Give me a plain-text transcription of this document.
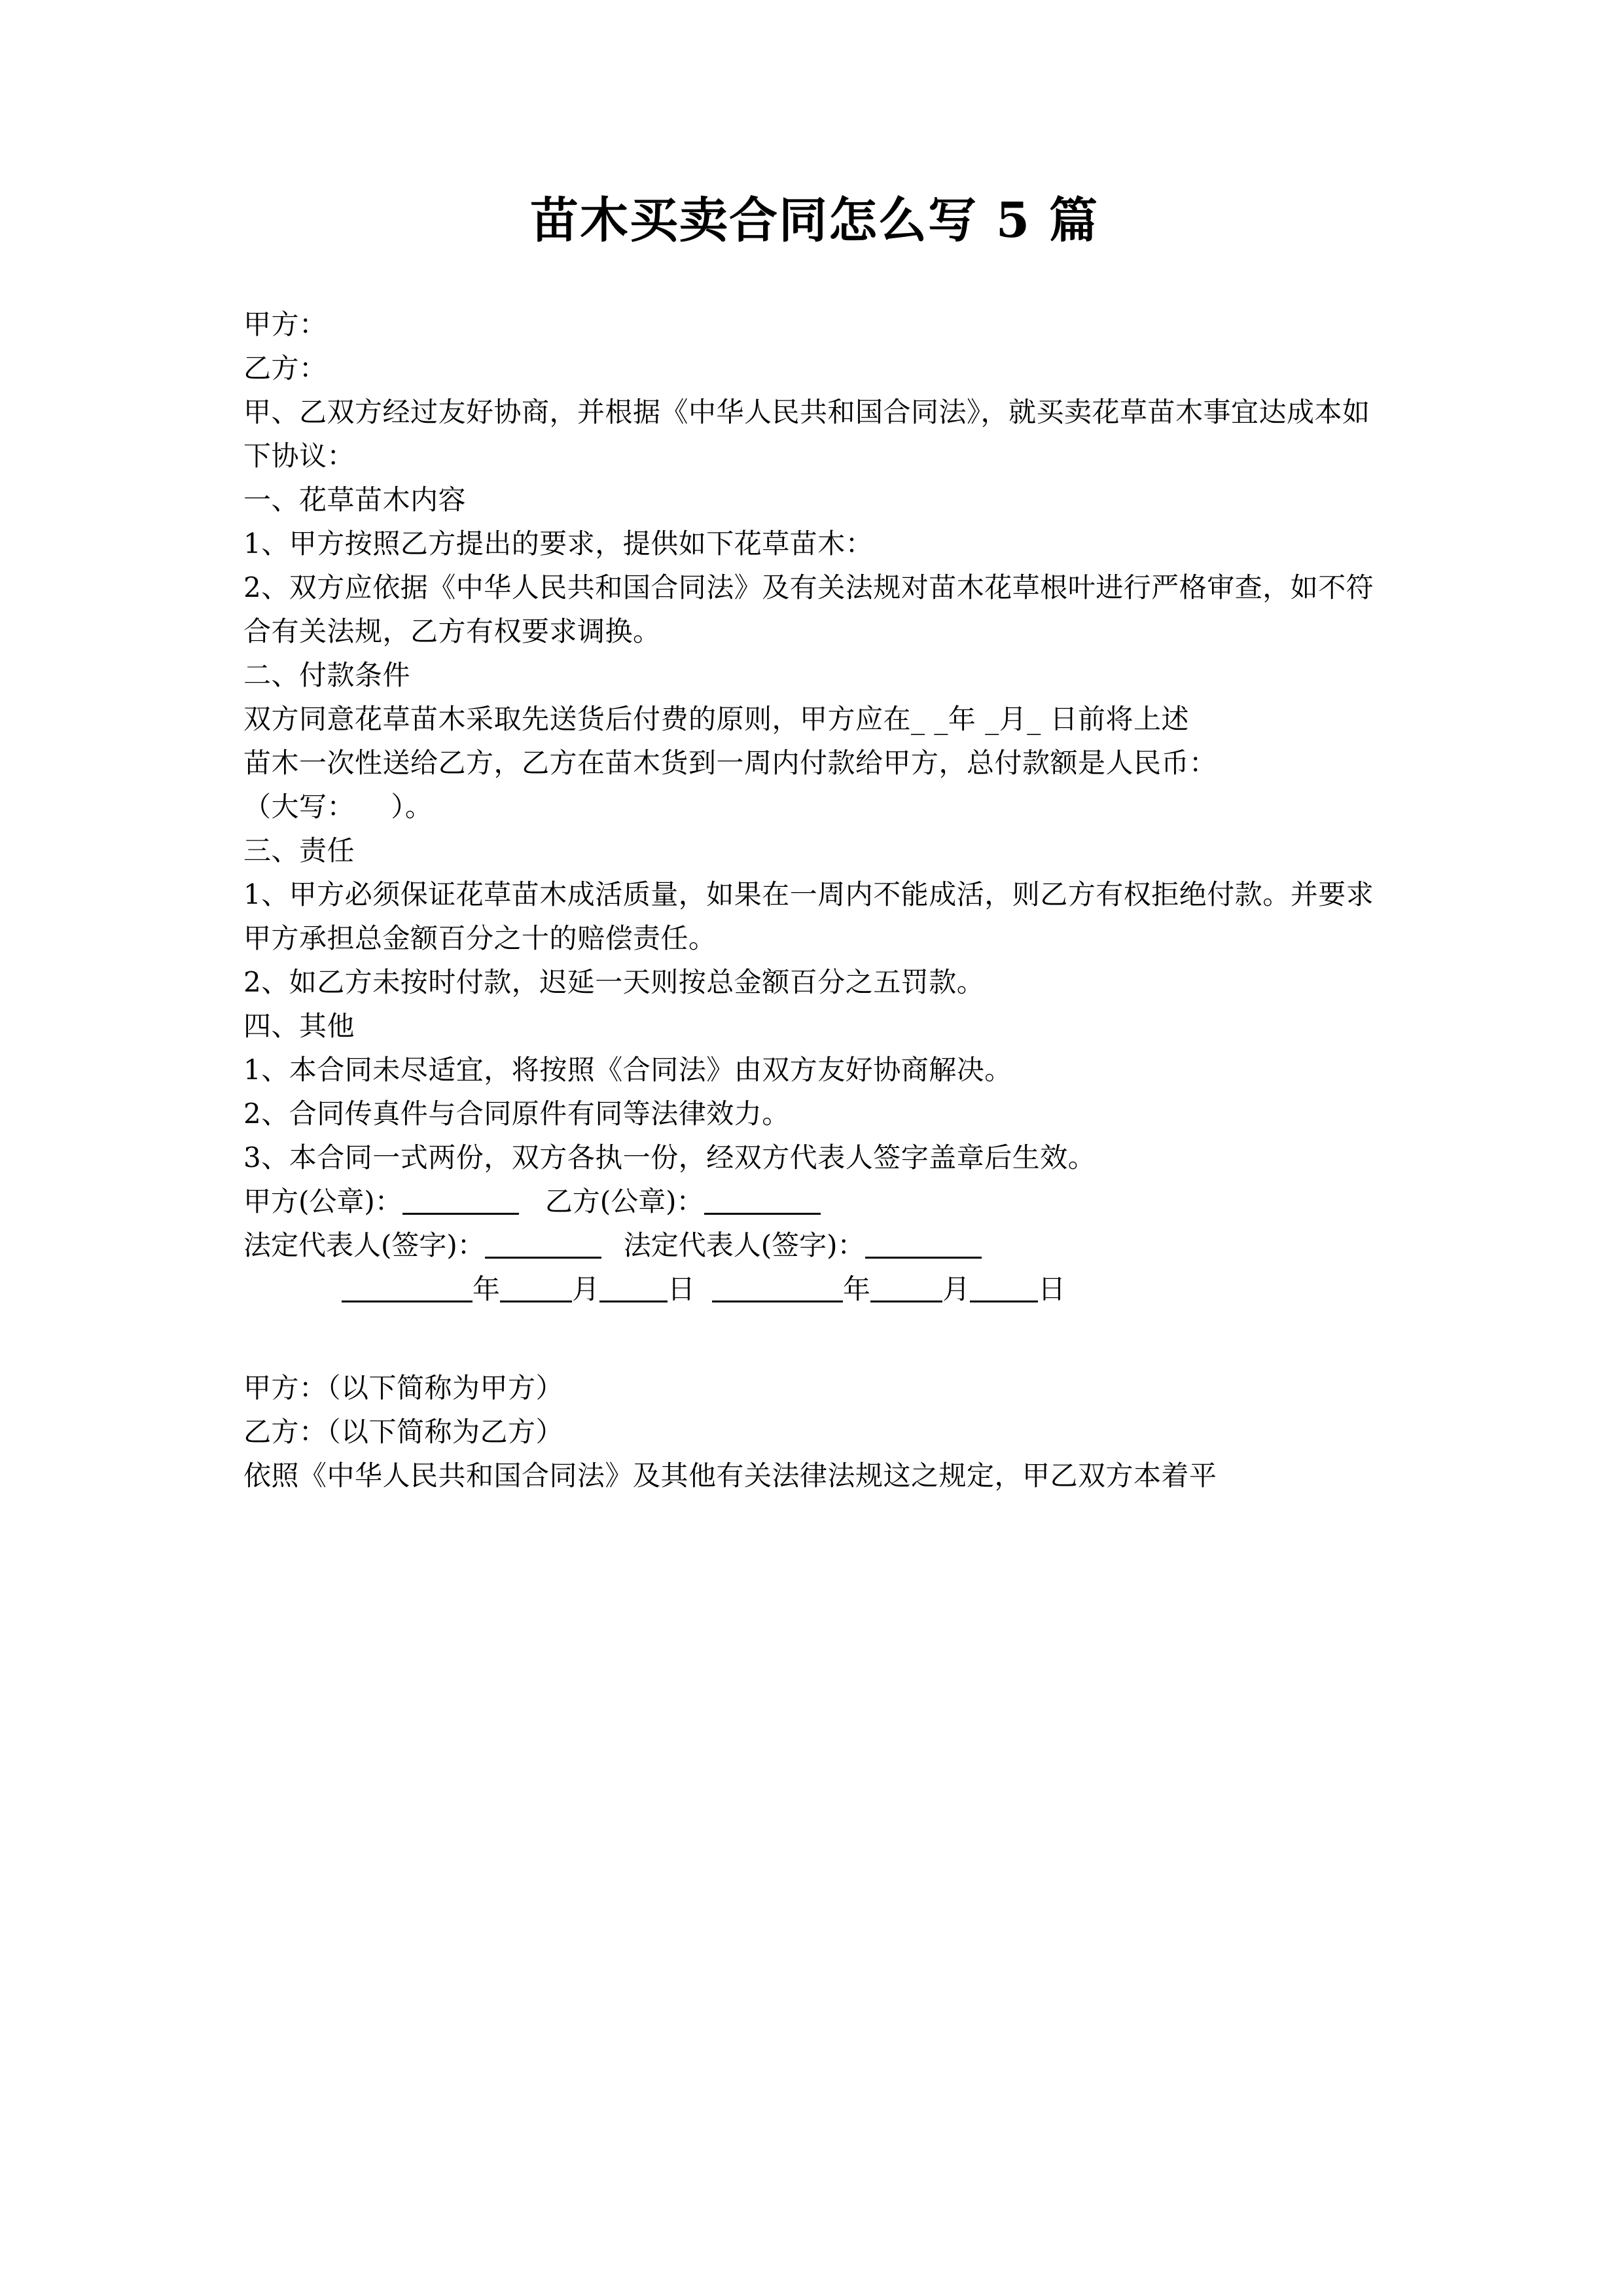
苗木买卖合同怎么写 5 篇

甲方：

乙方：

甲、乙双方经过友好协商，并根据《中华人民共和国合同法》，就买卖花草苗木事宜达成本如下协议：

一、花草苗木内容

1、甲方按照乙方提出的要求，提供如下花草苗木：

2、双方应依据《中华人民共和国合同法》及有关法规对苗木花草根叶进行严格审查，如不符合有关法规，乙方有权要求调换。

二、付款条件

双方同意花草苗木采取先送货后付费的原则，甲方应在_ _年 _月_ 日前将上述

苗木一次性送给乙方，乙方在苗木货到一周内付款给甲方，总付款额是人民币：

（大写：    ）。

三、责任

1、甲方必须保证花草苗木成活质量，如果在一周内不能成活，则乙方有权拒绝付款。并要求甲方承担总金额百分之十的赔偿责任。

2、如乙方未按时付款，迟延一天则按总金额百分之五罚款。

四、其他

1、本合同未尽适宜，将按照《合同法》由双方友好协商解决。

2、合同传真件与合同原件有同等法律效力。

3、本合同一式两份，双方各执一份，经双方代表人签字盖章后生效。

甲方(公章)：	乙方(公章)：

法定代表人(签字)：	法定代表人(签字)：

年	月 日	年	月 日

甲方：（以下简称为甲方）

乙方：（以下简称为乙方）

依照《中华人民共和国合同法》及其他有关法律法规这之规定，甲乙双方本着平
